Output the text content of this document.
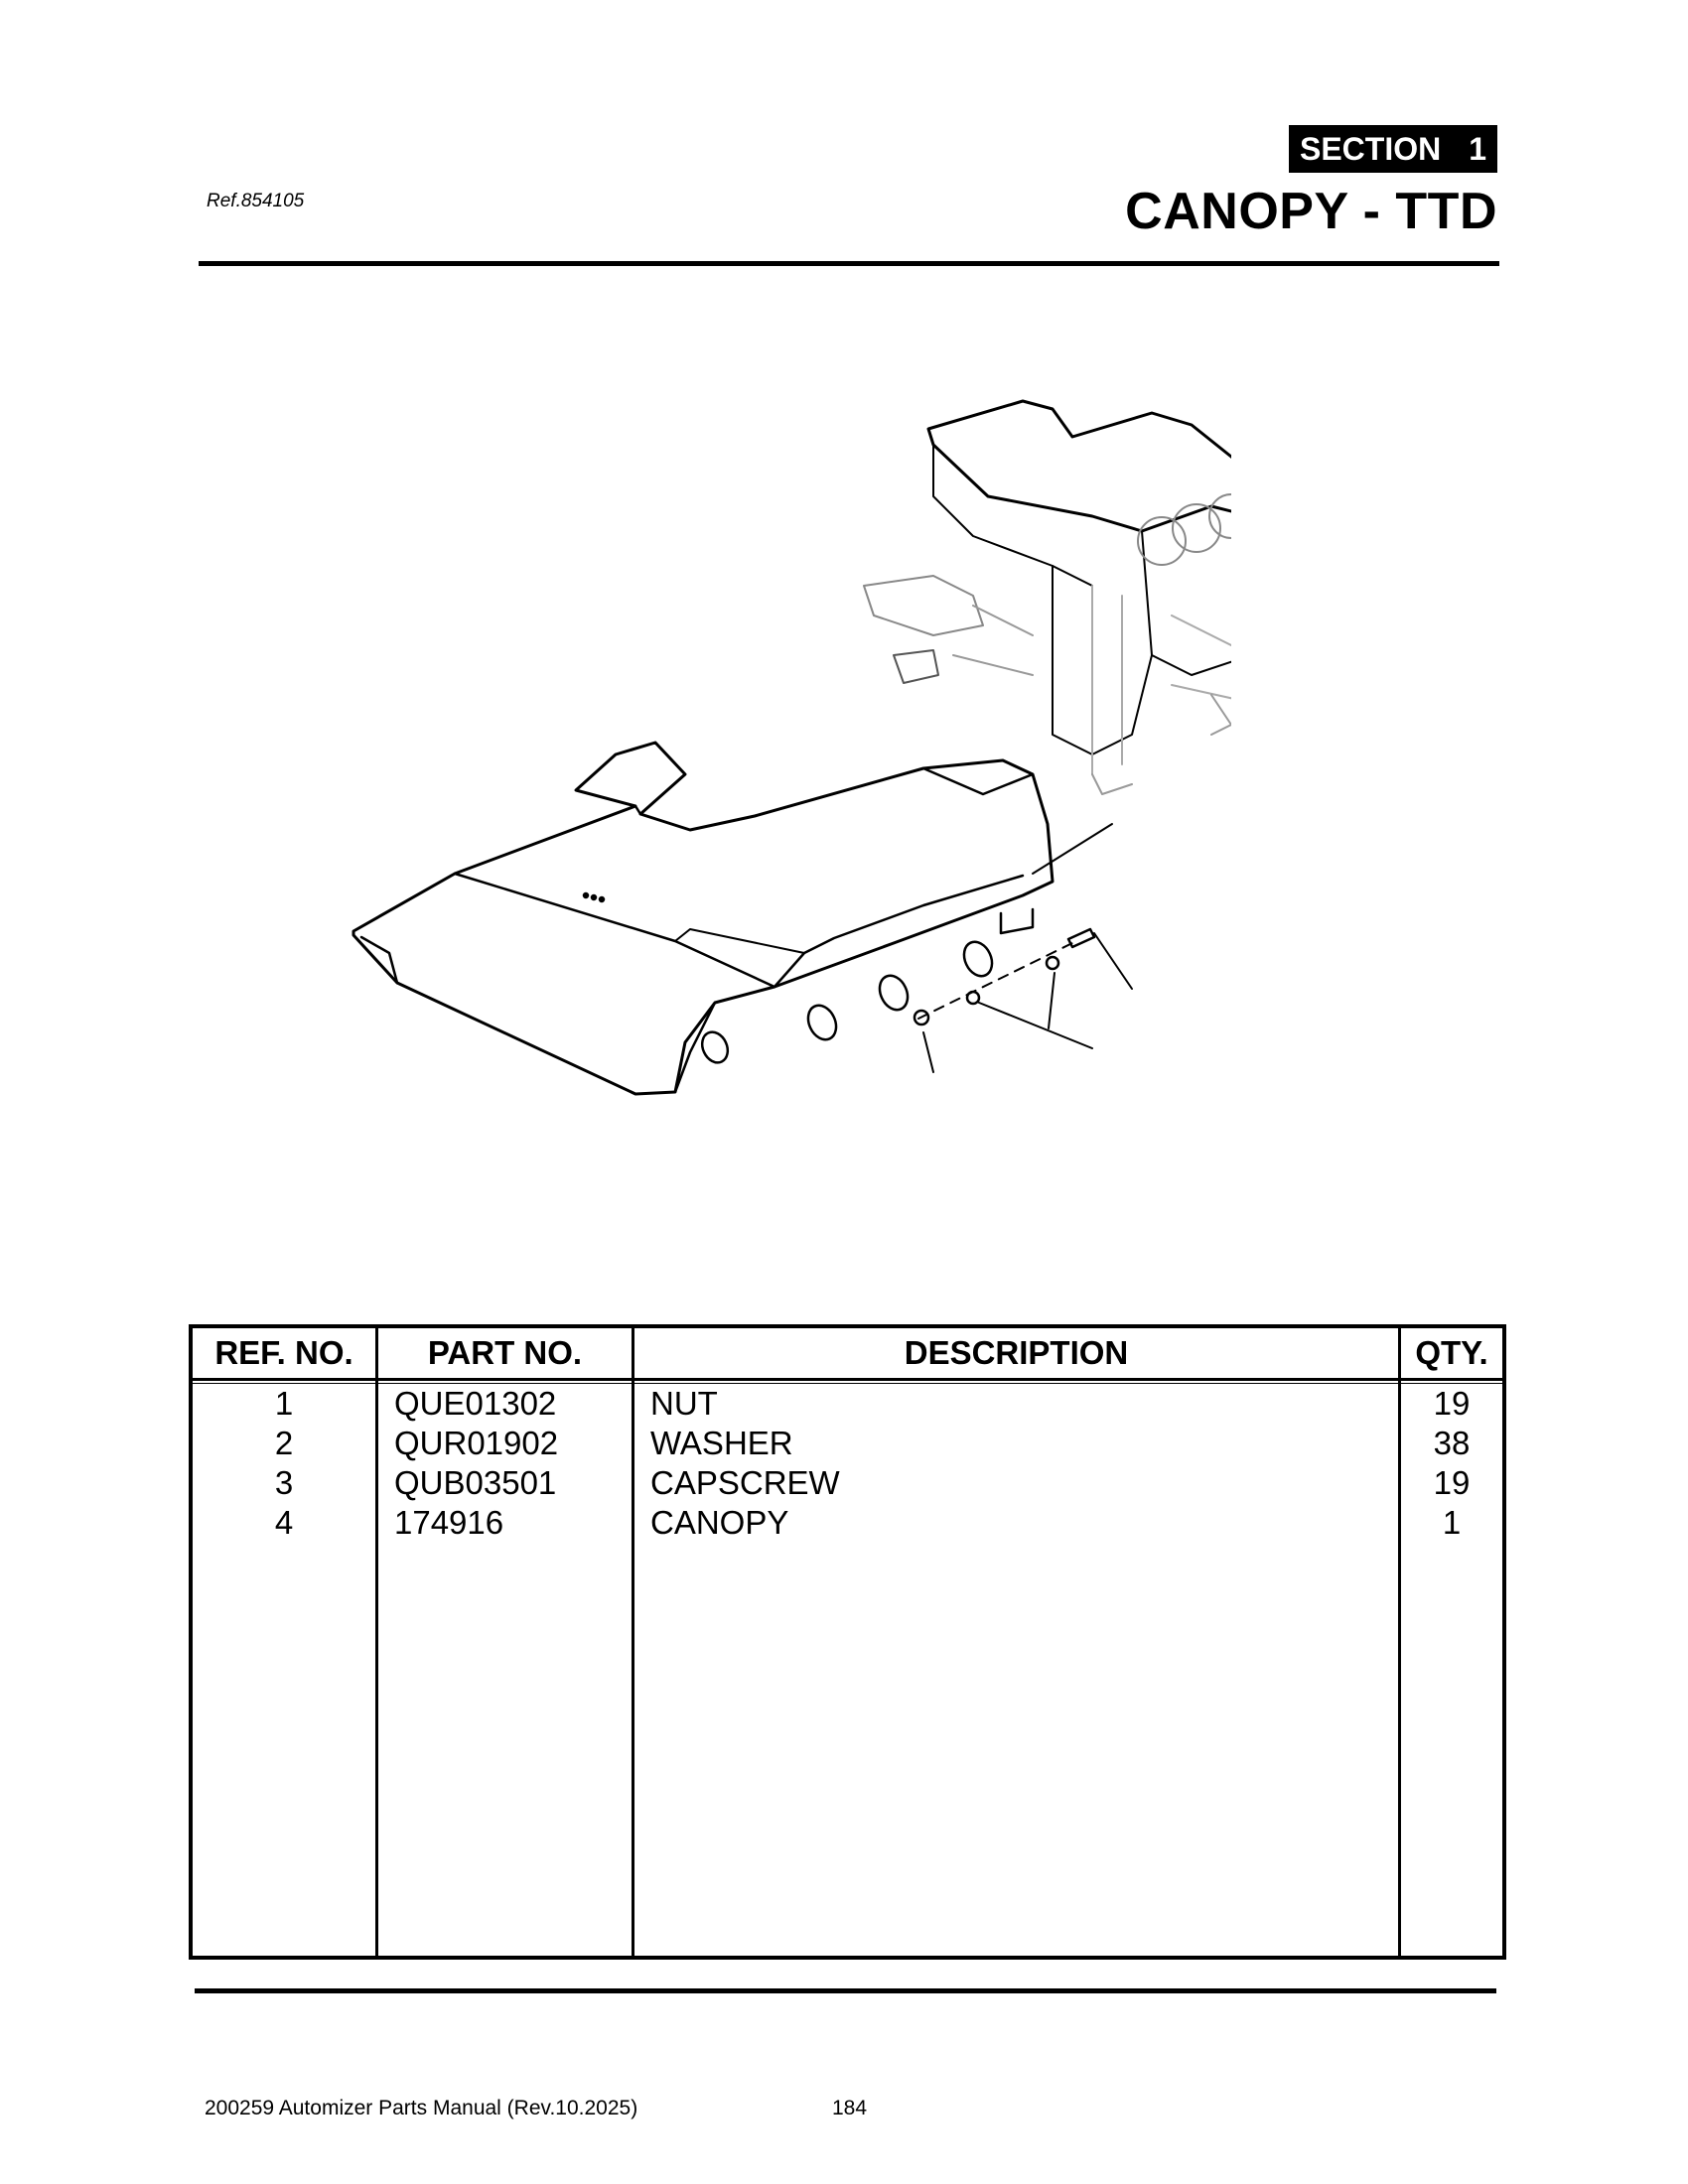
SECTION 1
Ref.854105	CANOPY - TTD
REF. NO.	PART NO.	DESCRIPTION	QTY.
1	QUE01302	NUT	19
2	QUR01902	WASHER	38
3	QUB03501	CAPSCREW	19
4	174916	CANOPY	1
200259 Automizer Parts Manual (Rev.10.2025)	184
